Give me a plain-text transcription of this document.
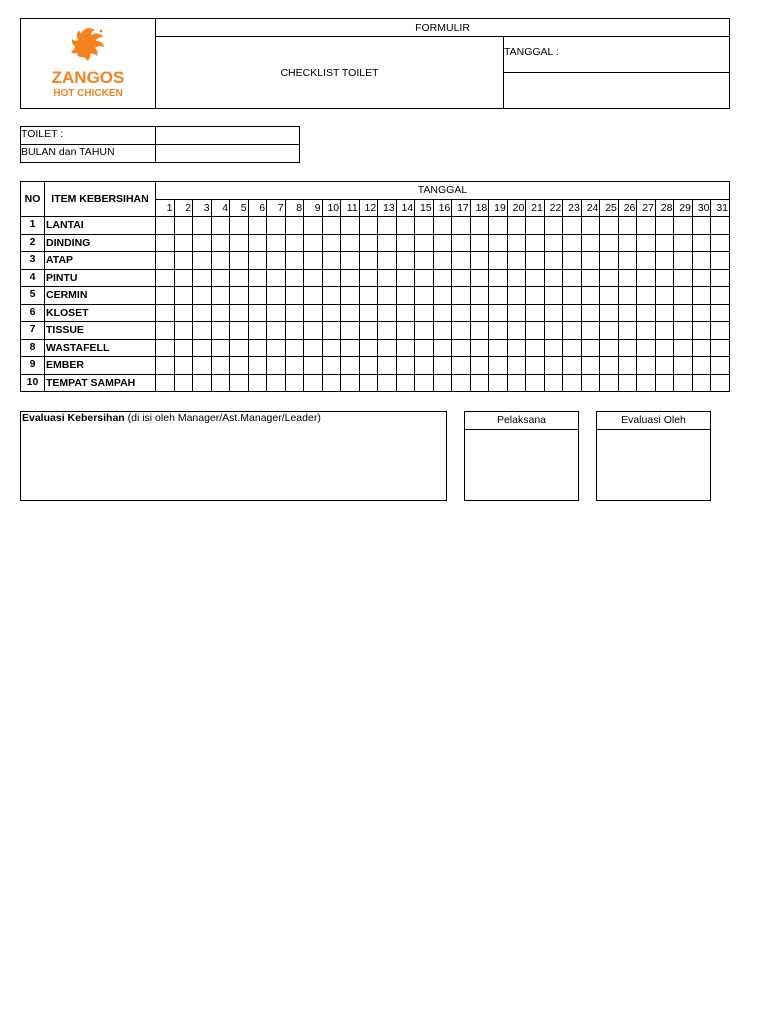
ZANGOS
HOT CHICKEN	FORMULIR	
	CHECKLIST TOILET	TANGGAL :

TOILET :	
BULAN dan TAHUN	
NO	ITEM KEBERSIHAN	TANGGAL																														
		1	2	3	4	5	6	7	8	9	10	11	12	13	14	15	16	17	18	19	20	21	22	23	24	25	26	27	28	29	30	31
1	LANTAI																															
2	DINDING																															
3	ATAP																															
4	PINTU																															
5	CERMIN																															
6	KLOSET																															
7	TISSUE																															
8	WASTAFELL																															
9	EMBER																															
10	TEMPAT SAMPAH																															
Evaluasi Kebersihan (di isi oleh Manager/Ast.Manager/Leader)	Pelaksana	Evaluasi Oleh
